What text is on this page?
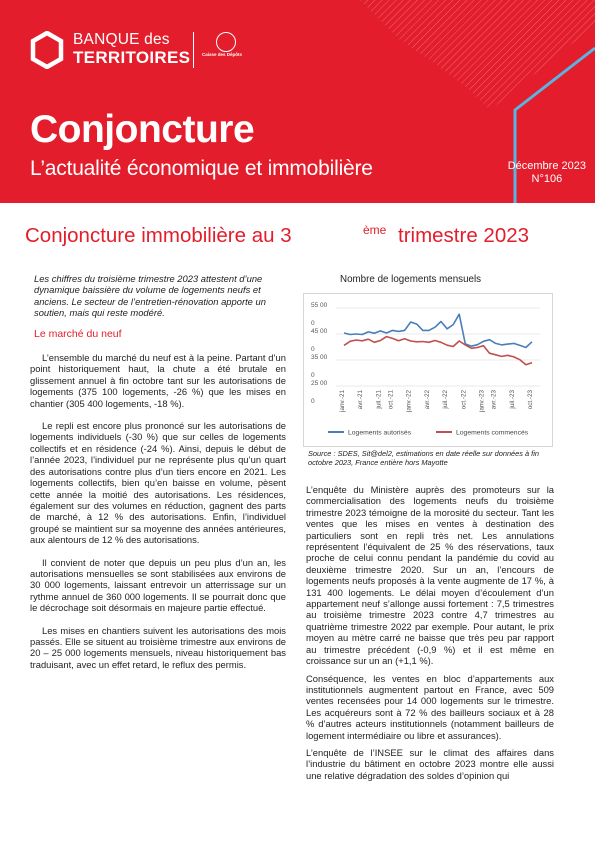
BANQUE des
TERRITOIRES	Caisse des Dépôts
Conjoncture
L’actualité économique et immobilière	Décembre 2023
N°106
Conjoncture immobilière au 3	ème trimestre 2023

Les chiffres du troisième trimestre 2023 attestent d’une dynamique baissière du volume de logements neufs et anciens. Le secteur de l’entretien-rénovation apporte un soutien, mais qui reste modéré.

Le marché du neuf

L’ensemble du marché du neuf est à la peine. Partant d’un point historiquement haut, la chute a été brutale en glissement annuel à fin octobre tant sur les autorisations de logements (375 100 logements, -26 %) que les mises en chantier (305 400 logements, -18 %).

Le repli est encore plus prononcé sur les autorisations de logements individuels (-30 %) que sur celles de logements collectifs et en résidence (-24 %). Ainsi, depuis le début de l’année 2023, l’individuel pur ne représente plus qu’un quart des autorisations contre plus d’un tiers encore en 2021. Les logements collectifs, bien qu’en baisse en volume, pèsent cette année la moitié des autorisations. Les résidences, également sur des volumes en réduction, gagnent des parts de marché, à 12 % des autorisations. Enfin, l’individuel groupé se maintient sur sa moyenne des années antérieures, aux alentours de 12 % des autorisations.

Il convient de noter que depuis un peu plus d’un an, les autorisations mensuelles se sont stabilisées aux environs de 30 000 logements, laissant entrevoir un atterrissage sur un rythme annuel de 360 000 logements. Il se pourrait donc que le décrochage soit désormais en majeure partie effectué.

Les mises en chantiers suivent les autorisations des mois passés. Elle se situent au troisième trimestre aux environs de 20 – 25 000 logements mensuels, niveau historiquement bas traduisant, avec un effet retard, le reflux des permis.

Nombre de logements mensuels
55 00
0
45 00
0
35 00
0
25 00
0	janv.-21 avr.-21 juil.-21 oct.-21 janv.-22 avr.-22 juil.-22 oct.-22 janv.-23 avr.-23 juil.-23 oct.-23
Logements autorisés	Logements commencés
Source : SDES, Sit@del2, estimations en date réelle sur données à fin octobre 2023, France entière hors Mayotte

L’enquête du Ministère auprès des promoteurs sur la commercialisation des logements neufs du troisième trimestre 2023 témoigne de la morosité du secteur. Tant les ventes que les mises en ventes à destination des particuliers sont en repli très net. Les annulations représentent l’équivalent de 25 % des réservations, taux proche de celui connu pendant la pandémie du covid au deuxième trimestre 2020. Sur un an, l’encours de logements neufs proposés à la vente augmente de 17 %, à 131 400 logements. Le délai moyen d’écoulement d’un appartement neuf s’allonge aussi fortement : 7,5 trimestres au troisième trimestre 2023 contre 4,7 trimestres au quatrième trimestre 2022 par exemple. Pour autant, le prix moyen au mètre carré ne baisse que très peu par rapport au trimestre précédent (-0,9 %) et il est même en croissance sur un an (+1,1 %).

Conséquence, les ventes en bloc d’appartements aux institutionnels augmentent partout en France, avec 509 ventes recensées pour 14 000 logements sur le trimestre. Les acquéreurs sont à 72 % des bailleurs sociaux et à 28 % d’autres acteurs institutionnels (notamment bailleurs de logement intermédiaire ou libre et assurances).

L’enquête de l’INSEE sur le climat des affaires dans l’industrie du bâtiment en octobre 2023 montre elle aussi une relative dégradation des soldes d’opinion qui
